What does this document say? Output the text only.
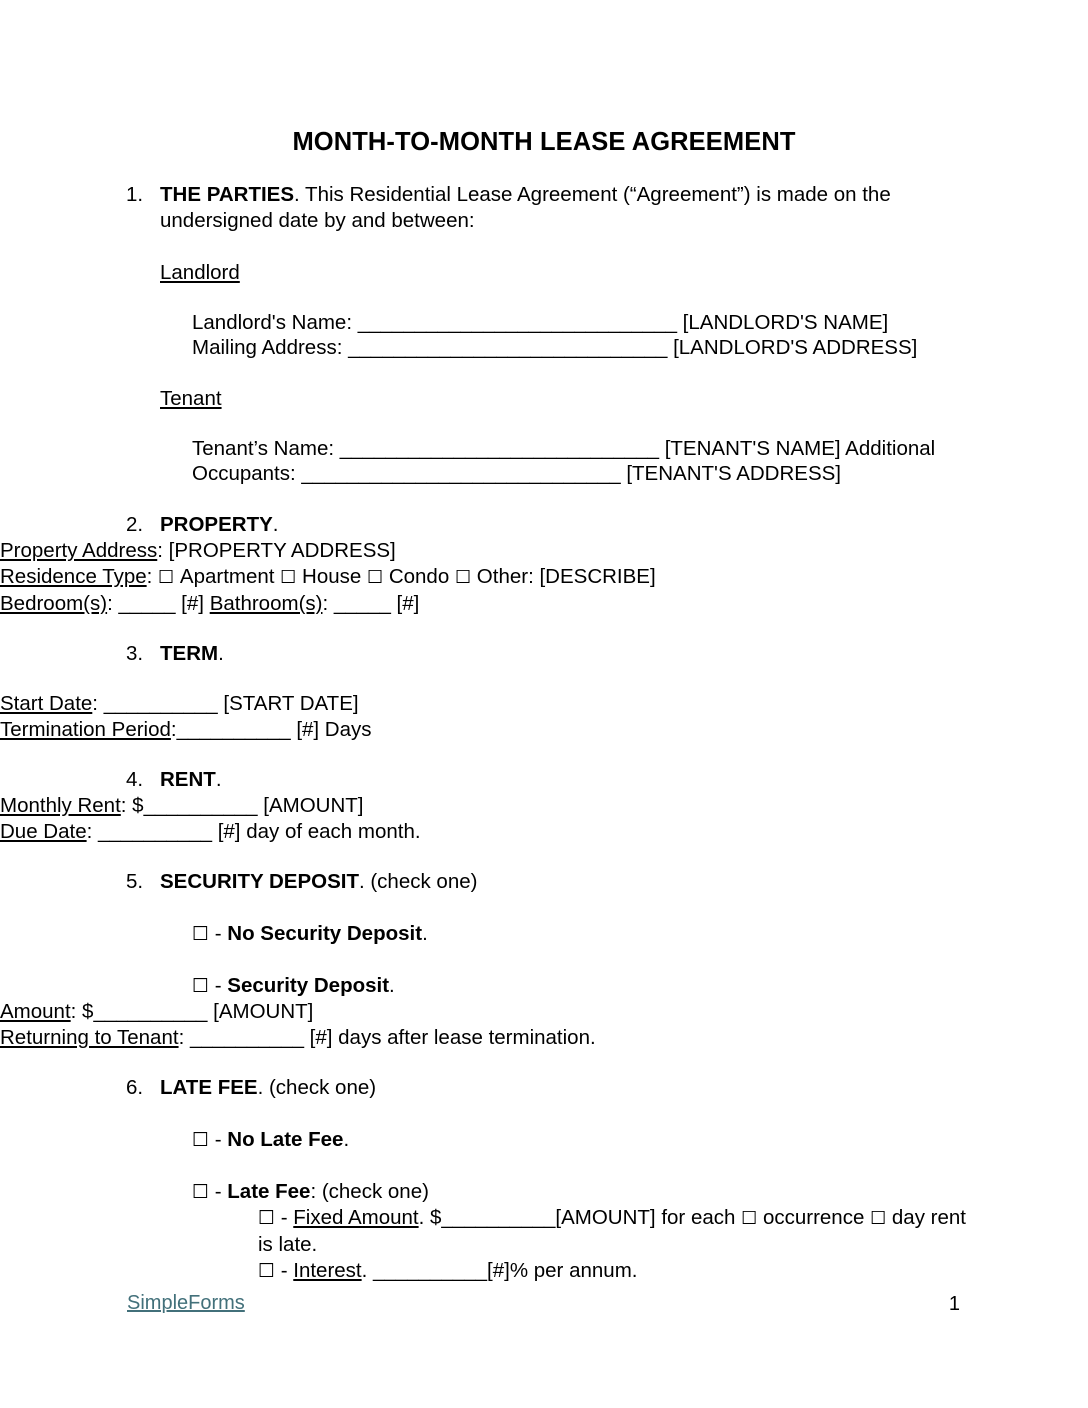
MONTH-TO-MONTH LEASE AGREEMENT
1. THE PARTIES. This Residential Lease Agreement (“Agreement”) is made on the undersigned date by and between:
Landlord
Landlord's Name: ____________________________ [LANDLORD'S NAME]
Mailing Address: ____________________________ [LANDLORD'S ADDRESS]
Tenant
Tenant’s Name: ____________________________ [TENANT'S NAME] Additional
Occupants: ____________________________ [TENANT'S ADDRESS]
2. PROPERTY.
• Property Address: [PROPERTY ADDRESS]
• Residence Type: ☐ Apartment ☐ House ☐ Condo ☐ Other: [DESCRIBE]
• Bedroom(s): _____ [#] Bathroom(s): _____ [#]
3. TERM.
• Start Date: __________ [START DATE]
• Termination Period:__________ [#] Days
4. RENT.
• Monthly Rent: $__________ [AMOUNT]
• Due Date: __________ [#] day of each month.
5. SECURITY DEPOSIT. (check one)
☐ - No Security Deposit.
☐ - Security Deposit.
• Amount: $__________ [AMOUNT]
• Returning to Tenant: __________ [#] days after lease termination.
6. LATE FEE. (check one)
☐ - No Late Fee.
☐ - Late Fee: (check one)
☐ - Fixed Amount. $__________[AMOUNT] for each ☐ occurrence ☐ day rent is late.
☐ - Interest. __________[#]% per annum.
SimpleForms	1
